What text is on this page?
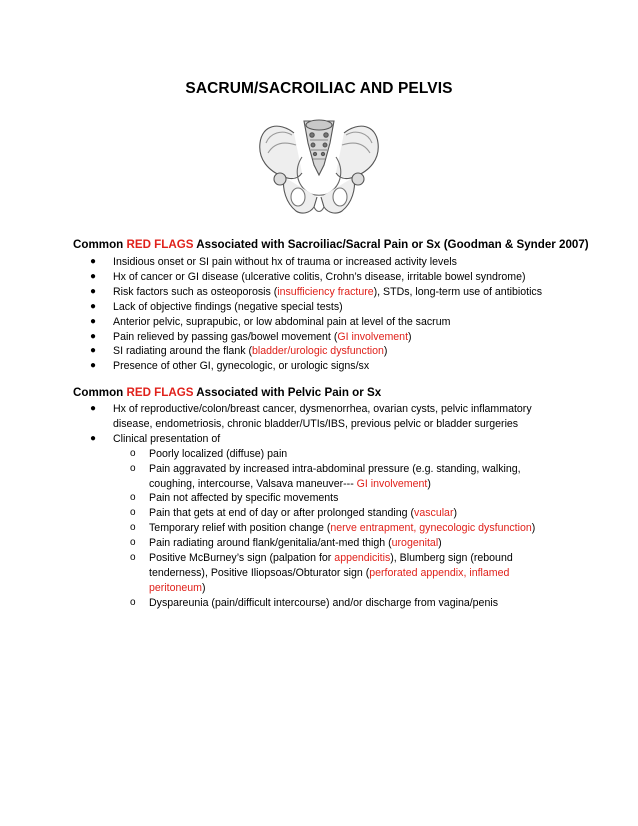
SACRUM/SACROILIAC AND PELVIS
Common RED FLAGS Associated with Sacroiliac/Sacral Pain or Sx (Goodman & Synder 2007)
● Insidious onset or SI pain without hx of trauma or increased activity levels
● Hx of cancer or GI disease (ulcerative colitis, Crohn’s disease, irritable bowel syndrome)
● Risk factors such as osteoporosis (insufficiency fracture), STDs, long-term use of antibiotics
● Lack of objective findings (negative special tests)
● Anterior pelvic, suprapubic, or low abdominal pain at level of the sacrum
● Pain relieved by passing gas/bowel movement (GI involvement)
● SI radiating around the flank (bladder/urologic dysfunction)
● Presence of other GI, gynecologic, or urologic signs/sx
Common RED FLAGS Associated with Pelvic Pain or Sx
● Hx of reproductive/colon/breast cancer, dysmenorrhea, ovarian cysts, pelvic inflammatory disease, endometriosis, chronic bladder/UTIs/IBS, previous pelvic or bladder surgeries
● Clinical presentation of
o Poorly localized (diffuse) pain
o Pain aggravated by increased intra-abdominal pressure (e.g. standing, walking, coughing, intercourse, Valsava maneuver--- GI involvement)
o Pain not affected by specific movements
o Pain that gets at end of day or after prolonged standing (vascular)
o Temporary relief with position change (nerve entrapment, gynecologic dysfunction)
o Pain radiating around flank/genitalia/ant-med thigh (urogenital)
o Positive McBurney’s sign (palpation for appendicitis), Blumberg sign (rebound tenderness), Positive Iliopsoas/Obturator sign (perforated appendix, inflamed peritoneum)
o Dyspareunia (pain/difficult intercourse) and/or discharge from vagina/penis
